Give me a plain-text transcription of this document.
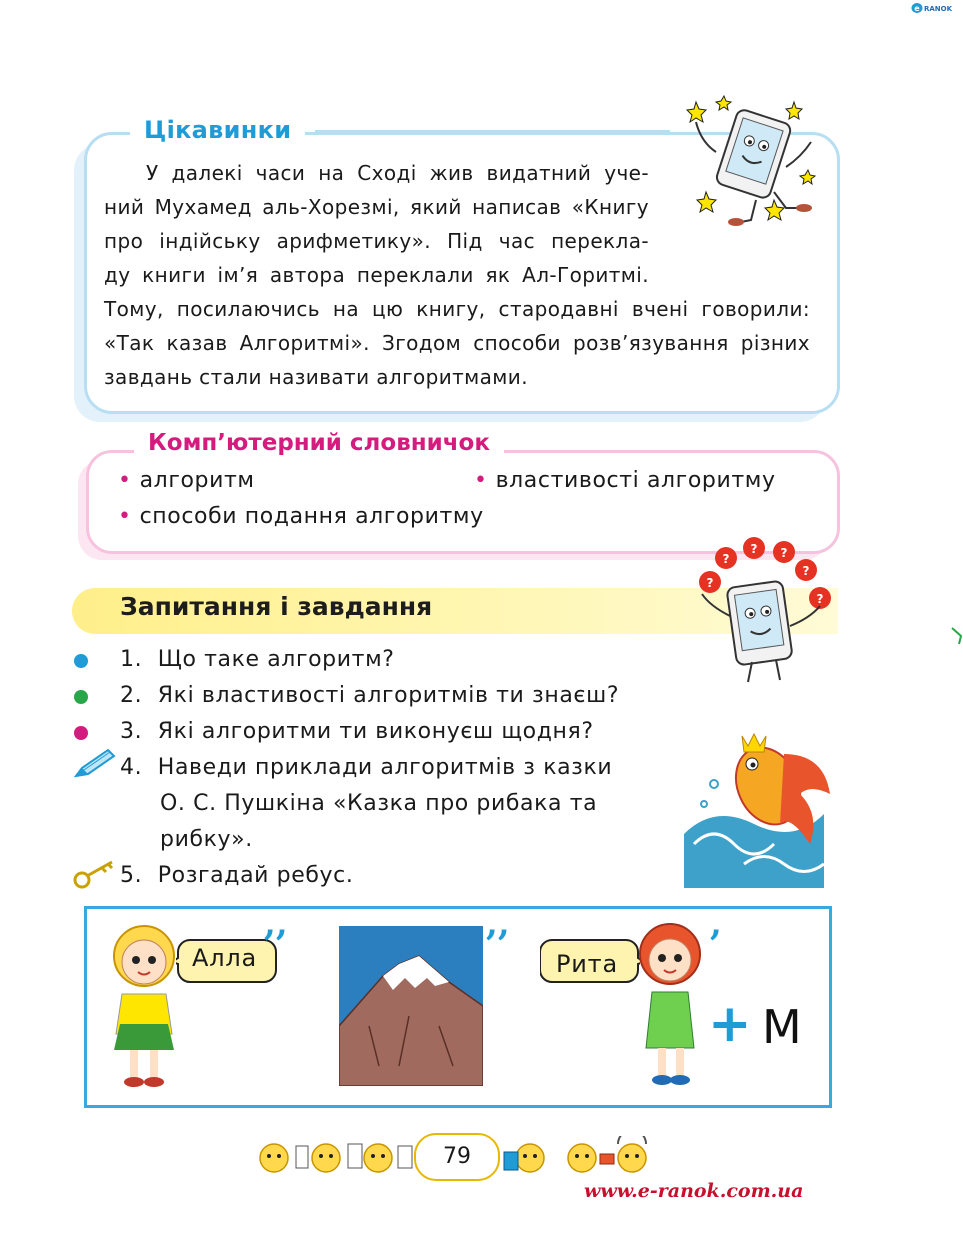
e RANOK
Цікавинки
У далекі часи на Сході жив видатний уче-
ний Мухамед аль-Хорезмі, який написав «Книгу
про індійську арифметику». Під час перекла-
ду книги ім’я автора переклали як Ал-Горитмі.
Тому, посилаючись на цю книгу, стародавні вчені говорили:
«Так казав Алгоритмі». Згодом способи розв’язування різних
завдань стали називати алгоритмами.
Комп’ютерний словничок
• алгоритм	• властивості алгоритму
• способи подання алгоритму
Запитання і завдання
?
?
? ?
?
?
1. Що таке алгоритм?
2. Які властивості алгоритмів ти знаєш?
3. Які алгоритми ти виконуєш щодня?
4. Наведи приклади алгоритмів з казки
О. С. Пушкіна «Казка про рибака та
рибку».
5. Розгадай ребус.
Алла
,,	,,
Рита
,
+ М
79
www.e-ranok.com.ua
